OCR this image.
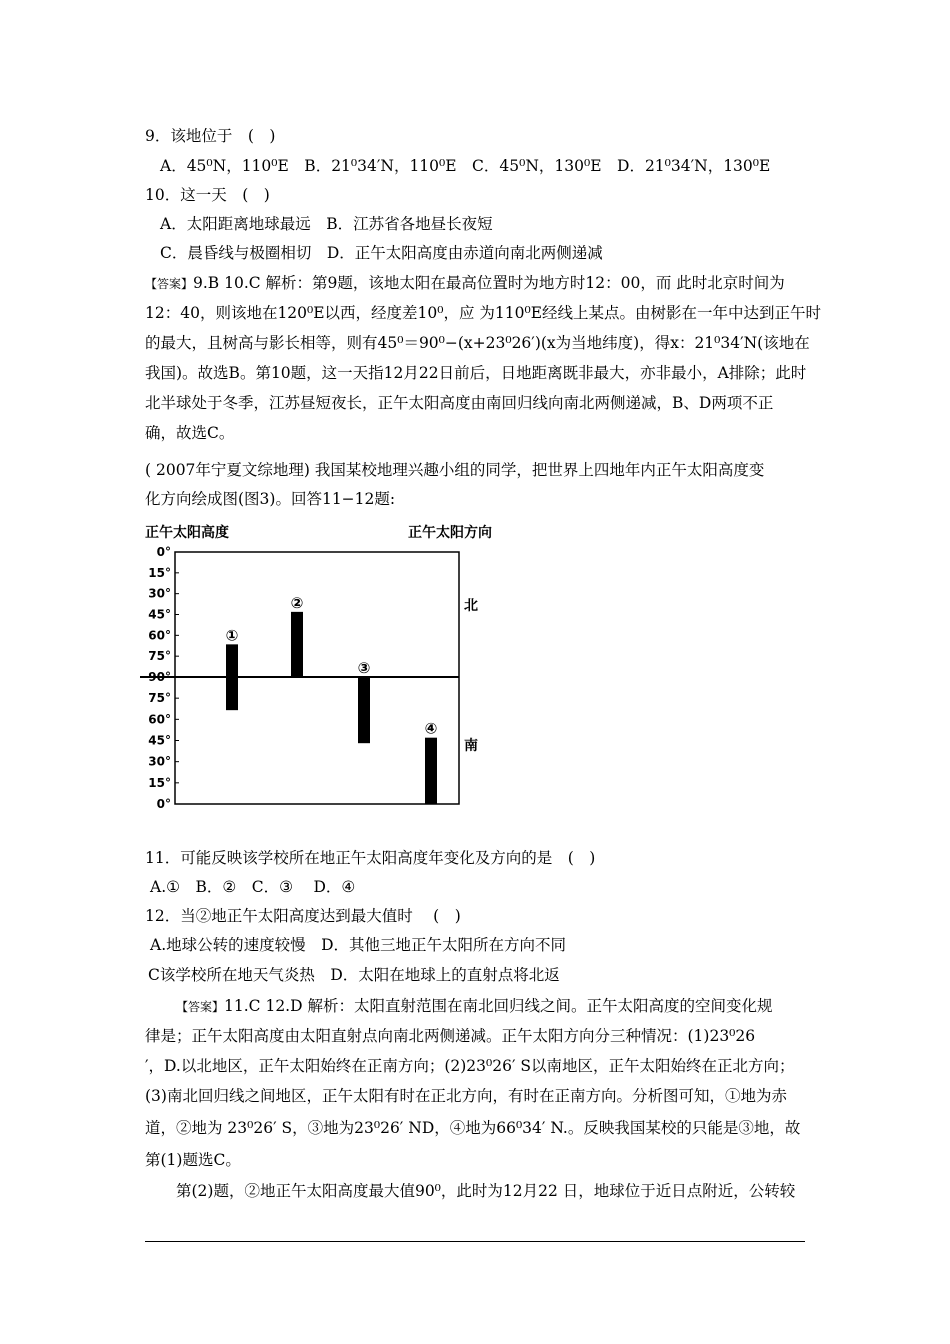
9．该地位于　(　)
A．45⁰N，110⁰E　B．21⁰34′N，110⁰E　C．45⁰N，130⁰E　D．21⁰34′N，130⁰E
10．这一天　(　)
A．太阳距离地球最远　B．江苏省各地昼长夜短
C．晨昏线与极圈相切　D．正午太阳高度由赤道向南北两侧递减
【答案】9.B 10.C 解析：第9题，该地太阳在最高位置时为地方时12：00，而 此时北京时间为
12：40，则该地在120⁰E以西，经度差10⁰，应 为110⁰E经线上某点。由树影在一年中达到正午时
的最大，且树高与影长相等，则有45⁰＝90⁰−(x+23⁰26′)(x为当地纬度)，得x：21⁰34′N(该地在
我国)。故选B。第10题，这一天指12月22日前后，日地距离既非最大，亦非最小，A排除；此时
北半球处于冬季，江苏昼短夜长，正午太阳高度由南回归线向南北两侧递减，B、D两项不正
确，故选C。
( 2007年宁夏文综地理) 我国某校地理兴趣小组的同学，把世界上四地年内正午太阳高度变
化方向绘成图(图3)。回答11−12题:
正午太阳高度	正午太阳方向
北
南
0°
15°
30°
45°
60°
75°
90°
75°
60°
45°
30°
15°
0°
①
②
③
④
11．可能反映该学校所在地正午太阳高度年变化及方向的是　(　)
A.①　B．②　C．③　 D．④
12．当②地正午太阳高度达到最大值时　 (　)
A.地球公转的速度较慢　D．其他三地正午太阳所在方向不同
C该学校所在地天气炎热　D．太阳在地球上的直射点将北返
【答案】11.C 12.D 解析：太阳直射范围在南北回归线之间。正午太阳高度的空间变化规
律是；正午太阳高度由太阳直射点向南北两侧递减。正午太阳方向分三种情况：(1)23⁰26
′，D.以北地区，正午太阳始终在正南方向；(2)23⁰26′ S以南地区，正午太阳始终在正北方向；
(3)南北回归线之间地区，正午太阳有时在正北方向，有时在正南方向。分析图可知，①地为赤
道，②地为 23⁰26′ S，③地为23⁰26′ ND，④地为66⁰34′ N.。反映我国某校的只能是③地，故
第(1)题选C。
第(2)题，②地正午太阳高度最大值90⁰，此时为12月22 日，地球位于近日点附近，公转较
